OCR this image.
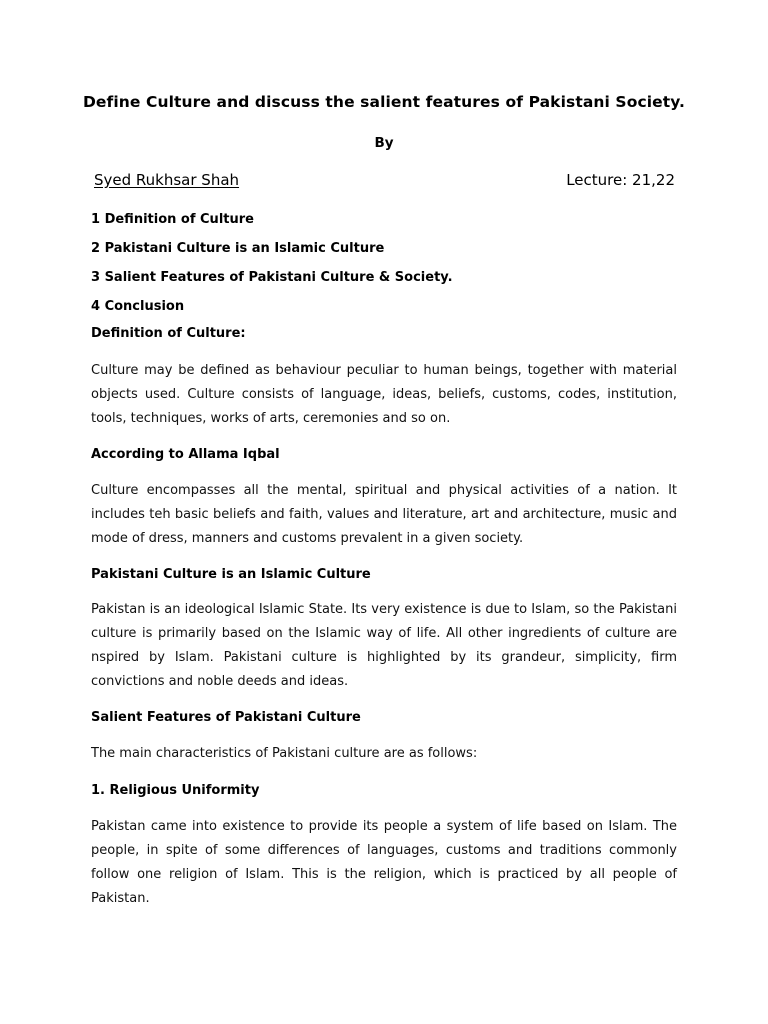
Define Culture and discuss the salient features of Pakistani Society.
By
Syed Rukhsar Shah	Lecture: 21,22
1 Definition of Culture
2 Pakistani Culture is an Islamic Culture
3 Salient Features of Pakistani Culture & Society.
4 Conclusion
Definition of Culture:

Culture may be defined as behaviour peculiar to human beings, together with material objects used. Culture consists of language, ideas, beliefs, customs, codes, institution, tools, techniques, works of arts, ceremonies and so on.

According to Allama Iqbal

Culture encompasses all the mental, spiritual and physical activities of a nation. It includes teh basic beliefs and faith, values and literature, art and architecture, music and mode of dress, manners and customs prevalent in a given society.

Pakistani Culture is an Islamic Culture

Pakistan is an ideological Islamic State. Its very existence is due to Islam, so the Pakistani culture is primarily based on the Islamic way of life. All other ingredients of culture are nspired by Islam. Pakistani culture is highlighted by its grandeur, simplicity, firm convictions and noble deeds and ideas.

Salient Features of Pakistani Culture

The main characteristics of Pakistani culture are as follows:

1. Religious Uniformity

Pakistan came into existence to provide its people a system of life based on Islam. The people, in spite of some differences of languages, customs and traditions commonly follow one religion of Islam. This is the religion, which is practiced by all people of Pakistan.
